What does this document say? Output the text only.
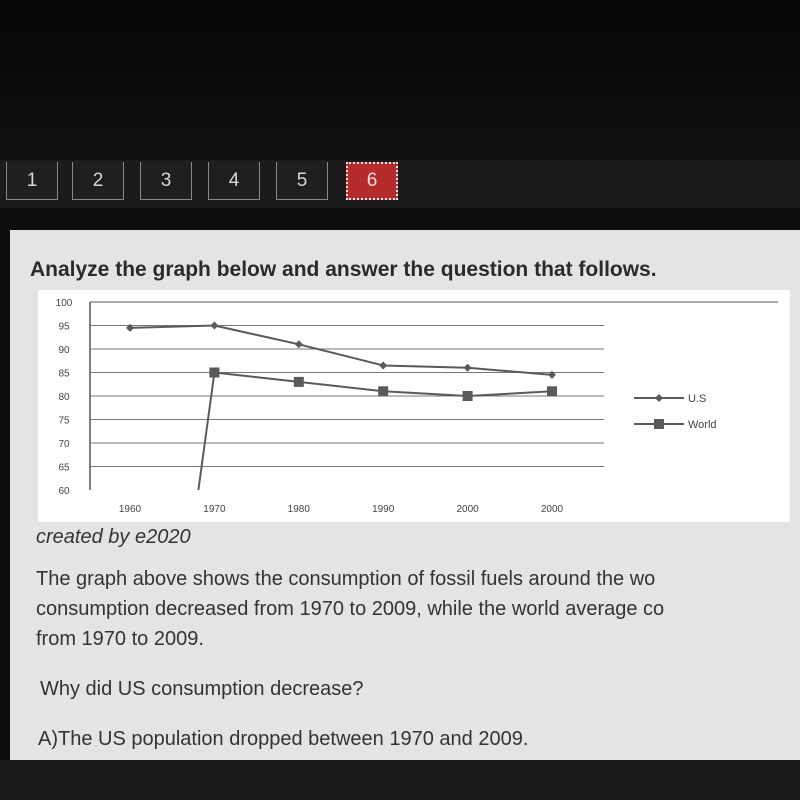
1	2	3	4	5	6
Analyze the graph below and answer the question that follows.
100
95
90
85
80
75
70
65
60
1960	1970	1980	1990	2000	2000
U.S
World
created by e2020
The graph above shows the consumption of fossil fuels around the wo
consumption decreased from 1970 to 2009, while the world average co
from 1970 to 2009.
Why did US consumption decrease?
A)The US population dropped between 1970 and 2009.
